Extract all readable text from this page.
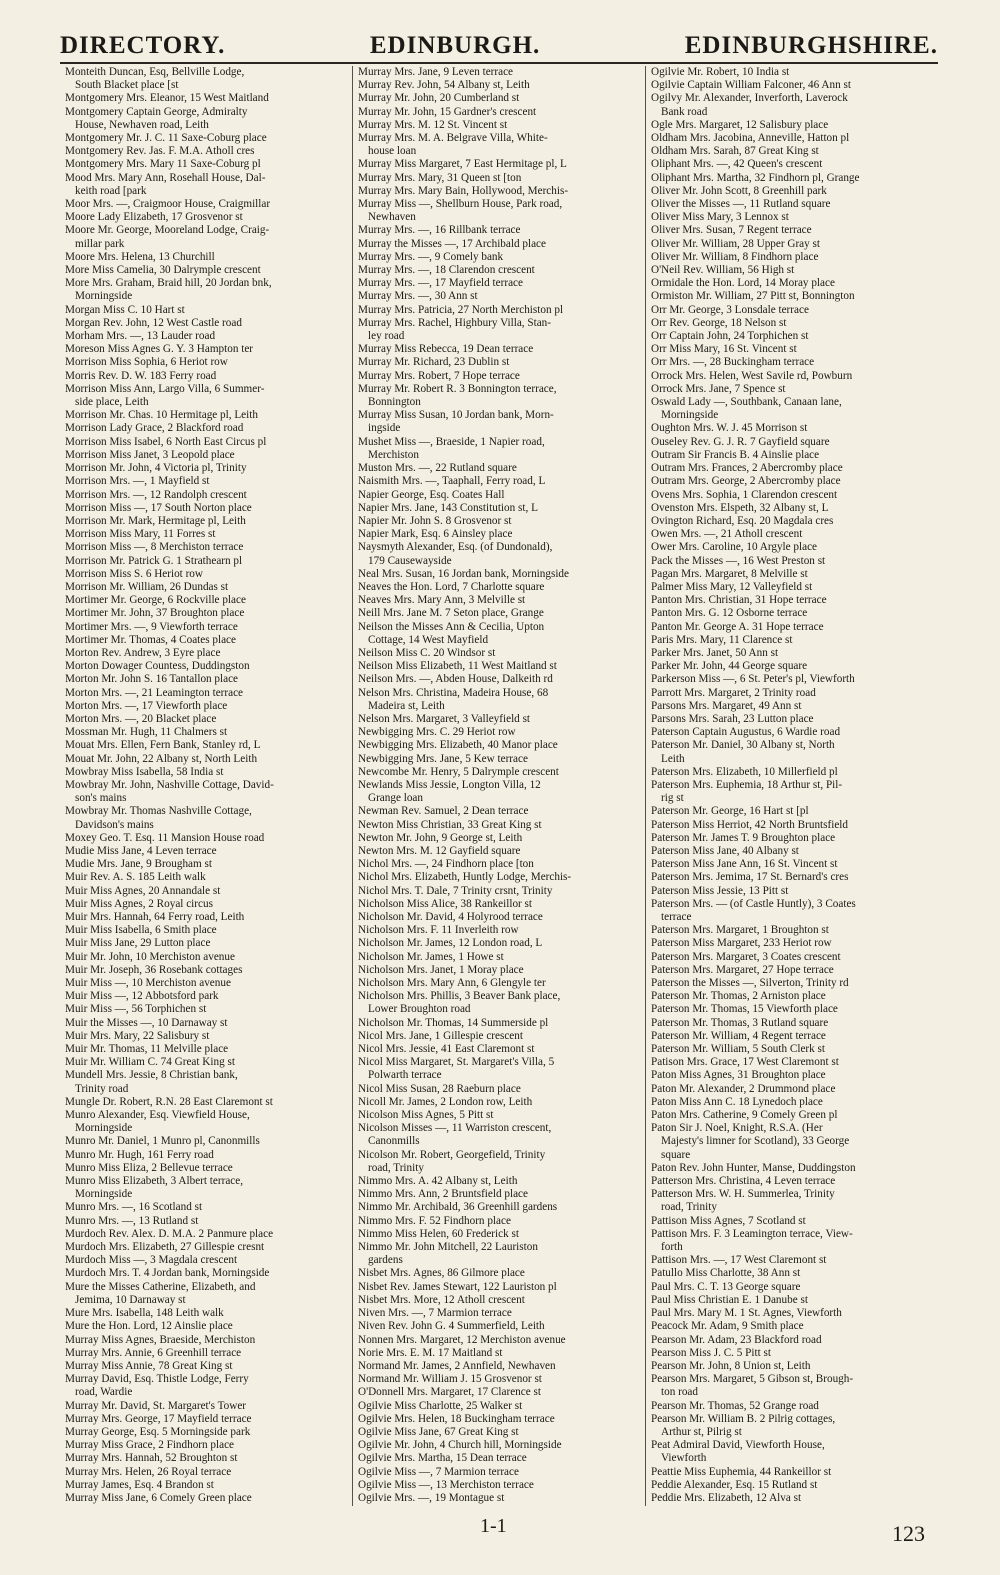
DIRECTORY.	EDINBURGH.	EDINBURGHSHIRE.
Monteith Duncan, Esq, Bellville Lodge,
South Blacket place [st
Montgomery Mrs. Eleanor, 15 West Maitland
Montgomery Captain George, Admiralty
House, Newhaven road, Leith
Montgomery Mr. J. C. 11 Saxe-Coburg place
Montgomery Rev. Jas. F. M.A. Atholl cres
Montgomery Mrs. Mary 11 Saxe-Coburg pl
Mood Mrs. Mary Ann, Rosehall House, Dal-
keith road [park
Moor Mrs. —, Craigmoor House, Craigmillar
Moore Lady Elizabeth, 17 Grosvenor st
Moore Mr. George, Mooreland Lodge, Craig-
millar park
Moore Mrs. Helena, 13 Churchill
More Miss Camelia, 30 Dalrymple crescent
More Mrs. Graham, Braid hill, 20 Jordan bnk,
Morningside
Morgan Miss C. 10 Hart st
Morgan Rev. John, 12 West Castle road
Morham Mrs. —, 13 Lauder road
Moreson Miss Agnes G. Y. 3 Hampton ter
Morrison Miss Sophia, 6 Heriot row
Morris Rev. D. W. 183 Ferry road
Morrison Miss Ann, Largo Villa, 6 Summer-
side place, Leith
Morrison Mr. Chas. 10 Hermitage pl, Leith
Morrison Lady Grace, 2 Blackford road
Morrison Miss Isabel, 6 North East Circus pl
Morrison Miss Janet, 3 Leopold place
Morrison Mr. John, 4 Victoria pl, Trinity
Morrison Mrs. —, 1 Mayfield st
Morrison Mrs. —, 12 Randolph crescent
Morrison Miss —, 17 South Norton place
Morrison Mr. Mark, Hermitage pl, Leith
Morrison Miss Mary, 11 Forres st
Morrison Miss —, 8 Merchiston terrace
Morrison Mr. Patrick G. 1 Strathearn pl
Morrison Miss S. 6 Heriot row
Morrison Mr. William, 26 Dundas st
Mortimer Mr. George, 6 Rockville place
Mortimer Mr. John, 37 Broughton place
Mortimer Mrs. —, 9 Viewforth terrace
Mortimer Mr. Thomas, 4 Coates place
Morton Rev. Andrew, 3 Eyre place
Morton Dowager Countess, Duddingston
Morton Mr. John S. 16 Tantallon place
Morton Mrs. —, 21 Leamington terrace
Morton Mrs. —, 17 Viewforth place
Morton Mrs. —, 20 Blacket place
Mossman Mr. Hugh, 11 Chalmers st
Mouat Mrs. Ellen, Fern Bank, Stanley rd, L
Mouat Mr. John, 22 Albany st, North Leith
Mowbray Miss Isabella, 58 India st
Mowbray Mr. John, Nashville Cottage, David-
son's mains
Mowbray Mr. Thomas Nashville Cottage,
Davidson's mains
Moxey Geo. T. Esq. 11 Mansion House road
Mudie Miss Jane, 4 Leven terrace
Mudie Mrs. Jane, 9 Brougham st
Muir Rev. A. S. 185 Leith walk
Muir Miss Agnes, 20 Annandale st
Muir Miss Agnes, 2 Royal circus
Muir Mrs. Hannah, 64 Ferry road, Leith
Muir Miss Isabella, 6 Smith place
Muir Miss Jane, 29 Lutton place
Muir Mr. John, 10 Merchiston avenue
Muir Mr. Joseph, 36 Rosebank cottages
Muir Miss —, 10 Merchiston avenue
Muir Miss —, 12 Abbotsford park
Muir Miss —, 56 Torphichen st
Muir the Misses —, 10 Darnaway st
Muir Mrs. Mary, 22 Salisbury st
Muir Mr. Thomas, 11 Melville place
Muir Mr. William C. 74 Great King st
Mundell Mrs. Jessie, 8 Christian bank,
Trinity road
Mungle Dr. Robert, R.N. 28 East Claremont st
Munro Alexander, Esq. Viewfield House,
Morningside
Munro Mr. Daniel, 1 Munro pl, Canonmills
Munro Mr. Hugh, 161 Ferry road
Munro Miss Eliza, 2 Bellevue terrace
Munro Miss Elizabeth, 3 Albert terrace,
Morningside
Munro Mrs. —, 16 Scotland st
Munro Mrs. —, 13 Rutland st
Murdoch Rev. Alex. D. M.A. 2 Panmure place
Murdoch Mrs. Elizabeth, 27 Gillespie cresnt
Murdoch Miss —, 3 Magdala crescent
Murdoch Mrs. T. 4 Jordan bank, Morningside
Mure the Misses Catherine, Elizabeth, and
Jemima, 10 Darnaway st
Mure Mrs. Isabella, 148 Leith walk
Mure the Hon. Lord, 12 Ainslie place
Murray Miss Agnes, Braeside, Merchiston
Murray Mrs. Annie, 6 Greenhill terrace
Murray Miss Annie, 78 Great King st
Murray David, Esq. Thistle Lodge, Ferry
road, Wardie
Murray Mr. David, St. Margaret's Tower
Murray Mrs. George, 17 Mayfield terrace
Murray George, Esq. 5 Morningside park
Murray Miss Grace, 2 Findhorn place
Murray Mrs. Hannah, 52 Broughton st
Murray Mrs. Helen, 26 Royal terrace
Murray James, Esq. 4 Brandon st
Murray Miss Jane, 6 Comely Green place
Murray Mrs. Jane, 9 Leven terrace
Murray Rev. John, 54 Albany st, Leith
Murray Mr. John, 20 Cumberland st
Murray Mr. John, 15 Gardner's crescent
Murray Mrs. M. 12 St. Vincent st
Murray Mrs. M. A. Belgrave Villa, White-
house loan
Murray Miss Margaret, 7 East Hermitage pl, L
Murray Mrs. Mary, 31 Queen st [ton
Murray Mrs. Mary Bain, Hollywood, Merchis-
Murray Miss —, Shellburn House, Park road,
Newhaven
Murray Mrs. —, 16 Rillbank terrace
Murray the Misses —, 17 Archibald place
Murray Mrs. —, 9 Comely bank
Murray Mrs. —, 18 Clarendon crescent
Murray Mrs. —, 17 Mayfield terrace
Murray Mrs. —, 30 Ann st
Murray Mrs. Patricia, 27 North Merchiston pl
Murray Mrs. Rachel, Highbury Villa, Stan-
ley road
Murray Miss Rebecca, 19 Dean terrace
Murray Mr. Richard, 23 Dublin st
Murray Mrs. Robert, 7 Hope terrace
Murray Mr. Robert R. 3 Bonnington terrace,
Bonnington
Murray Miss Susan, 10 Jordan bank, Morn-
ingside
Mushet Miss —, Braeside, 1 Napier road,
Merchiston
Muston Mrs. —, 22 Rutland square
Naismith Mrs. —, Taaphall, Ferry road, L
Napier George, Esq. Coates Hall
Napier Mrs. Jane, 143 Constitution st, L
Napier Mr. John S. 8 Grosvenor st
Napier Mark, Esq. 6 Ainsley place
Naysmyth Alexander, Esq. (of Dundonald),
179 Causewayside
Neal Mrs. Susan, 16 Jordan bank, Morningside
Neaves the Hon. Lord, 7 Charlotte square
Neaves Mrs. Mary Ann, 3 Melville st
Neill Mrs. Jane M. 7 Seton place, Grange
Neilson the Misses Ann & Cecilia, Upton
Cottage, 14 West Mayfield
Neilson Miss C. 20 Windsor st
Neilson Miss Elizabeth, 11 West Maitland st
Neilson Mrs. —, Abden House, Dalkeith rd
Nelson Mrs. Christina, Madeira House, 68
Madeira st, Leith
Nelson Mrs. Margaret, 3 Valleyfield st
Newbigging Mrs. C. 29 Heriot row
Newbigging Mrs. Elizabeth, 40 Manor place
Newbigging Mrs. Jane, 5 Kew terrace
Newcombe Mr. Henry, 5 Dalrymple crescent
Newlands Miss Jessie, Longton Villa, 12
Grange loan
Newman Rev. Samuel, 2 Dean terrace
Newton Miss Christian, 33 Great King st
Newton Mr. John, 9 George st, Leith
Newton Mrs. M. 12 Gayfield square
Nichol Mrs. —, 24 Findhorn place [ton
Nichol Mrs. Elizabeth, Huntly Lodge, Merchis-
Nichol Mrs. T. Dale, 7 Trinity crsnt, Trinity
Nicholson Miss Alice, 38 Rankeillor st
Nicholson Mr. David, 4 Holyrood terrace
Nicholson Mrs. F. 11 Inverleith row
Nicholson Mr. James, 12 London road, L
Nicholson Mr. James, 1 Howe st
Nicholson Mrs. Janet, 1 Moray place
Nicholson Mrs. Mary Ann, 6 Glengyle ter
Nicholson Mrs. Phillis, 3 Beaver Bank place,
Lower Broughton road
Nicholson Mr. Thomas, 14 Summerside pl
Nicol Mrs. Jane, 1 Gillespie crescent
Nicol Mrs. Jessie, 41 East Claremont st
Nicol Miss Margaret, St. Margaret's Villa, 5
Polwarth terrace
Nicol Miss Susan, 28 Raeburn place
Nicoll Mr. James, 2 London row, Leith
Nicolson Miss Agnes, 5 Pitt st
Nicolson Misses —, 11 Warriston crescent,
Canonmills
Nicolson Mr. Robert, Georgefield, Trinity
road, Trinity
Nimmo Mrs. A. 42 Albany st, Leith
Nimmo Mrs. Ann, 2 Bruntsfield place
Nimmo Mr. Archibald, 36 Greenhill gardens
Nimmo Mrs. F. 52 Findhorn place
Nimmo Miss Helen, 60 Frederick st
Nimmo Mr. John Mitchell, 22 Lauriston
gardens
Nisbet Mrs. Agnes, 86 Gilmore place
Nisbet Rev. James Stewart, 122 Lauriston pl
Nisbet Mrs. More, 12 Atholl crescent
Niven Mrs. —, 7 Marmion terrace
Niven Rev. John G. 4 Summerfield, Leith
Nonnen Mrs. Margaret, 12 Merchiston avenue
Norie Mrs. E. M. 17 Maitland st
Normand Mr. James, 2 Annfield, Newhaven
Normand Mr. William J. 15 Grosvenor st
O'Donnell Mrs. Margaret, 17 Clarence st
Ogilvie Miss Charlotte, 25 Walker st
Ogilvie Mrs. Helen, 18 Buckingham terrace
Ogilvie Miss Jane, 67 Great King st
Ogilvie Mr. John, 4 Church hill, Morningside
Ogilvie Mrs. Martha, 15 Dean terrace
Ogilvie Miss —, 7 Marmion terrace
Ogilvie Miss —, 13 Merchiston terrace
Ogilvie Mrs. —, 19 Montague st
Ogilvie Mr. Robert, 10 India st
Ogilvie Captain William Falconer, 46 Ann st
Ogilvy Mr. Alexander, Inverforth, Laverock
Bank road
Ogle Mrs. Margaret, 12 Salisbury place
Oldham Mrs. Jacobina, Anneville, Hatton pl
Oldham Mrs. Sarah, 87 Great King st
Oliphant Mrs. —, 42 Queen's crescent
Oliphant Mrs. Martha, 32 Findhorn pl, Grange
Oliver Mr. John Scott, 8 Greenhill park
Oliver the Misses —, 11 Rutland square
Oliver Miss Mary, 3 Lennox st
Oliver Mrs. Susan, 7 Regent terrace
Oliver Mr. William, 28 Upper Gray st
Oliver Mr. William, 8 Findhorn place
O'Neil Rev. William, 56 High st
Ormidale the Hon. Lord, 14 Moray place
Ormiston Mr. William, 27 Pitt st, Bonnington
Orr Mr. George, 3 Lonsdale terrace
Orr Rev. George, 18 Nelson st
Orr Captain John, 24 Torphichen st
Orr Miss Mary, 16 St. Vincent st
Orr Mrs. —, 28 Buckingham terrace
Orrock Mrs. Helen, West Savile rd, Powburn
Orrock Mrs. Jane, 7 Spence st
Oswald Lady —, Southbank, Canaan lane,
Morningside
Oughton Mrs. W. J. 45 Morrison st
Ouseley Rev. G. J. R. 7 Gayfield square
Outram Sir Francis B. 4 Ainslie place
Outram Mrs. Frances, 2 Abercromby place
Outram Mrs. George, 2 Abercromby place
Ovens Mrs. Sophia, 1 Clarendon crescent
Ovenston Mrs. Elspeth, 32 Albany st, L
Ovington Richard, Esq. 20 Magdala cres
Owen Mrs. —, 21 Atholl crescent
Ower Mrs. Caroline, 10 Argyle place
Pack the Misses —, 16 West Preston st
Pagan Mrs. Margaret, 8 Melville st
Palmer Miss Mary, 12 Valleyfield st
Panton Mrs. Christian, 31 Hope terrace
Panton Mrs. G. 12 Osborne terrace
Panton Mr. George A. 31 Hope terrace
Paris Mrs. Mary, 11 Clarence st
Parker Mrs. Janet, 50 Ann st
Parker Mr. John, 44 George square
Parkerson Miss —, 6 St. Peter's pl, Viewforth
Parrott Mrs. Margaret, 2 Trinity road
Parsons Mrs. Margaret, 49 Ann st
Parsons Mrs. Sarah, 23 Lutton place
Paterson Captain Augustus, 6 Wardie road
Paterson Mr. Daniel, 30 Albany st, North
Leith
Paterson Mrs. Elizabeth, 10 Millerfield pl
Paterson Mrs. Euphemia, 18 Arthur st, Pil-
rig st
Paterson Mr. George, 16 Hart st [pl
Paterson Miss Herriot, 42 North Bruntsfield
Paterson Mr. James T. 9 Broughton place
Paterson Miss Jane, 40 Albany st
Paterson Miss Jane Ann, 16 St. Vincent st
Paterson Mrs. Jemima, 17 St. Bernard's cres
Paterson Miss Jessie, 13 Pitt st
Paterson Mrs. — (of Castle Huntly), 3 Coates
terrace
Paterson Mrs. Margaret, 1 Broughton st
Paterson Miss Margaret, 233 Heriot row
Paterson Mrs. Margaret, 3 Coates crescent
Paterson Mrs. Margaret, 27 Hope terrace
Paterson the Misses —, Silverton, Trinity rd
Paterson Mr. Thomas, 2 Arniston place
Paterson Mr. Thomas, 15 Viewforth place
Paterson Mr. Thomas, 3 Rutland square
Paterson Mr. William, 4 Regent terrace
Paterson Mr. William, 5 South Clerk st
Patison Mrs. Grace, 17 West Claremont st
Paton Miss Agnes, 31 Broughton place
Paton Mr. Alexander, 2 Drummond place
Paton Miss Ann C. 18 Lynedoch place
Paton Mrs. Catherine, 9 Comely Green pl
Paton Sir J. Noel, Knight, R.S.A. (Her
Majesty's limner for Scotland), 33 George
square
Paton Rev. John Hunter, Manse, Duddingston
Patterson Mrs. Christina, 4 Leven terrace
Patterson Mrs. W. H. Summerlea, Trinity
road, Trinity
Pattison Miss Agnes, 7 Scotland st
Pattison Mrs. F. 3 Leamington terrace, View-
forth
Pattison Mrs. —, 17 West Claremont st
Patullo Miss Charlotte, 38 Ann st
Paul Mrs. C. T. 13 George square
Paul Miss Christian E. 1 Danube st
Paul Mrs. Mary M. 1 St. Agnes, Viewforth
Peacock Mr. Adam, 9 Smith place
Pearson Mr. Adam, 23 Blackford road
Pearson Miss J. C. 5 Pitt st
Pearson Mr. John, 8 Union st, Leith
Pearson Mrs. Margaret, 5 Gibson st, Brough-
ton road
Pearson Mr. Thomas, 52 Grange road
Pearson Mr. William B. 2 Pilrig cottages,
Arthur st, Pilrig st
Peat Admiral David, Viewforth House,
Viewforth
Peattie Miss Euphemia, 44 Rankeillor st
Peddie Alexander, Esq. 15 Rutland st
Peddie Mrs. Elizabeth, 12 Alva st
1-1	123
